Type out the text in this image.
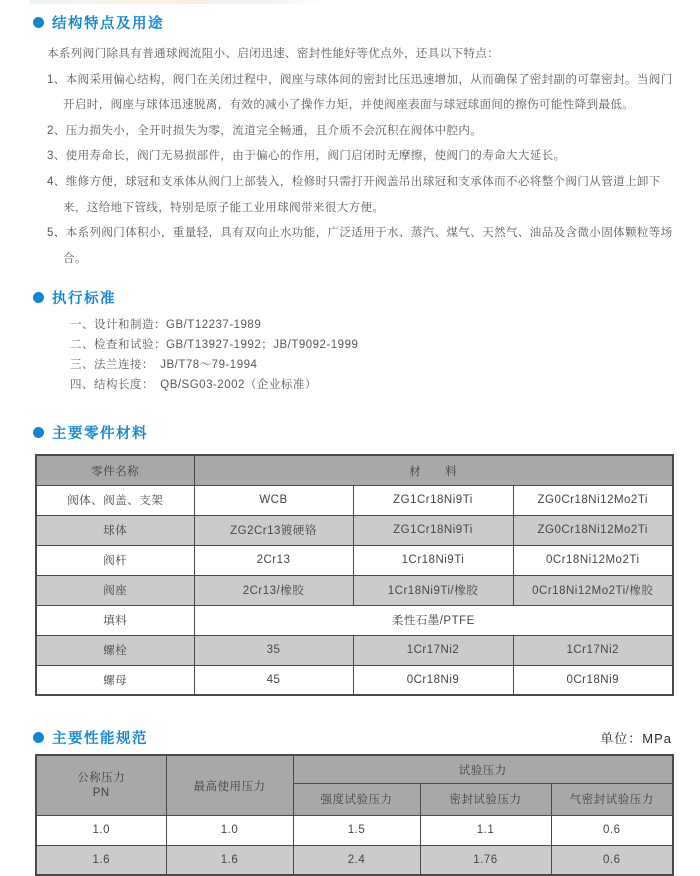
结构特点及用途

本系列阀门除具有普通球阀流阻小、启闭迅速、密封性能好等优点外，还具以下特点：

1、本阀采用偏心结构，阀门在关闭过程中，阀座与球体间的密封比压迅速增加，从而确保了密封副的可靠密封。当阀门开启时，阀座与球体迅速脱离，有效的减小了操作力矩，并使阀座表面与球冠球面间的擦伤可能性降到最低。

2、压力损失小，全开时损失为零，流道完全畅通，且介质不会沉积在阀体中腔内。

3、使用寿命长，阀门无易损部件，由于偏心的作用，阀门启闭时无摩擦，使阀门的寿命大大延长。

4、维修方便，球冠和支承体从阀门上部装入，检修时只需打开阀盖吊出球冠和支承体而不必将整个阀门从管道上卸下来，这给地下管线，特别是原子能工业用球阀带来很大方便。

5、本系列阀门体积小，重量轻，具有双向止水功能，广泛适用于水、蒸汽、煤气、天然气、油品及含微小固体颗粒等场合。

执行标准

一、设计和制造：GB/T12237-1989

二、检查和试验：GB/T13927-1992；JB/T9092-1999

三、法兰连接：　JB/T78～79-1994

四、结构长度：　QB/SG03-2002（企业标准）

主要零件材料
零件名称	材　　料		
阀体、阀盖、支架	WCB	ZG1Cr18Ni9Ti	ZG0Cr18Ni12Mo2Ti
球体	ZG2Cr13镀硬铬	ZG1Cr18Ni9Ti	ZG0Cr18Ni12Mo2Ti
阀杆	2Cr13	1Cr18Ni9Ti	0Cr18Ni12Mo2Ti
阀座	2Cr13/橡胶	1Cr18Ni9Ti/橡胶	0Cr18Ni12Mo2Ti/橡胶
填料	柔性石墨/PTFE		
螺栓	35	1Cr17Ni2	1Cr17Ni2
螺母	45	0Cr18Ni9	0Cr18Ni9
主要性能规范	单位：MPa
公称压力
PN	最高使用压力	试验压力		
		强度试验压力	密封试验压力	气密封试验压力
1.0	1.0	1.5	1.1	0.6
1.6	1.6	2.4	1.76	0.6
